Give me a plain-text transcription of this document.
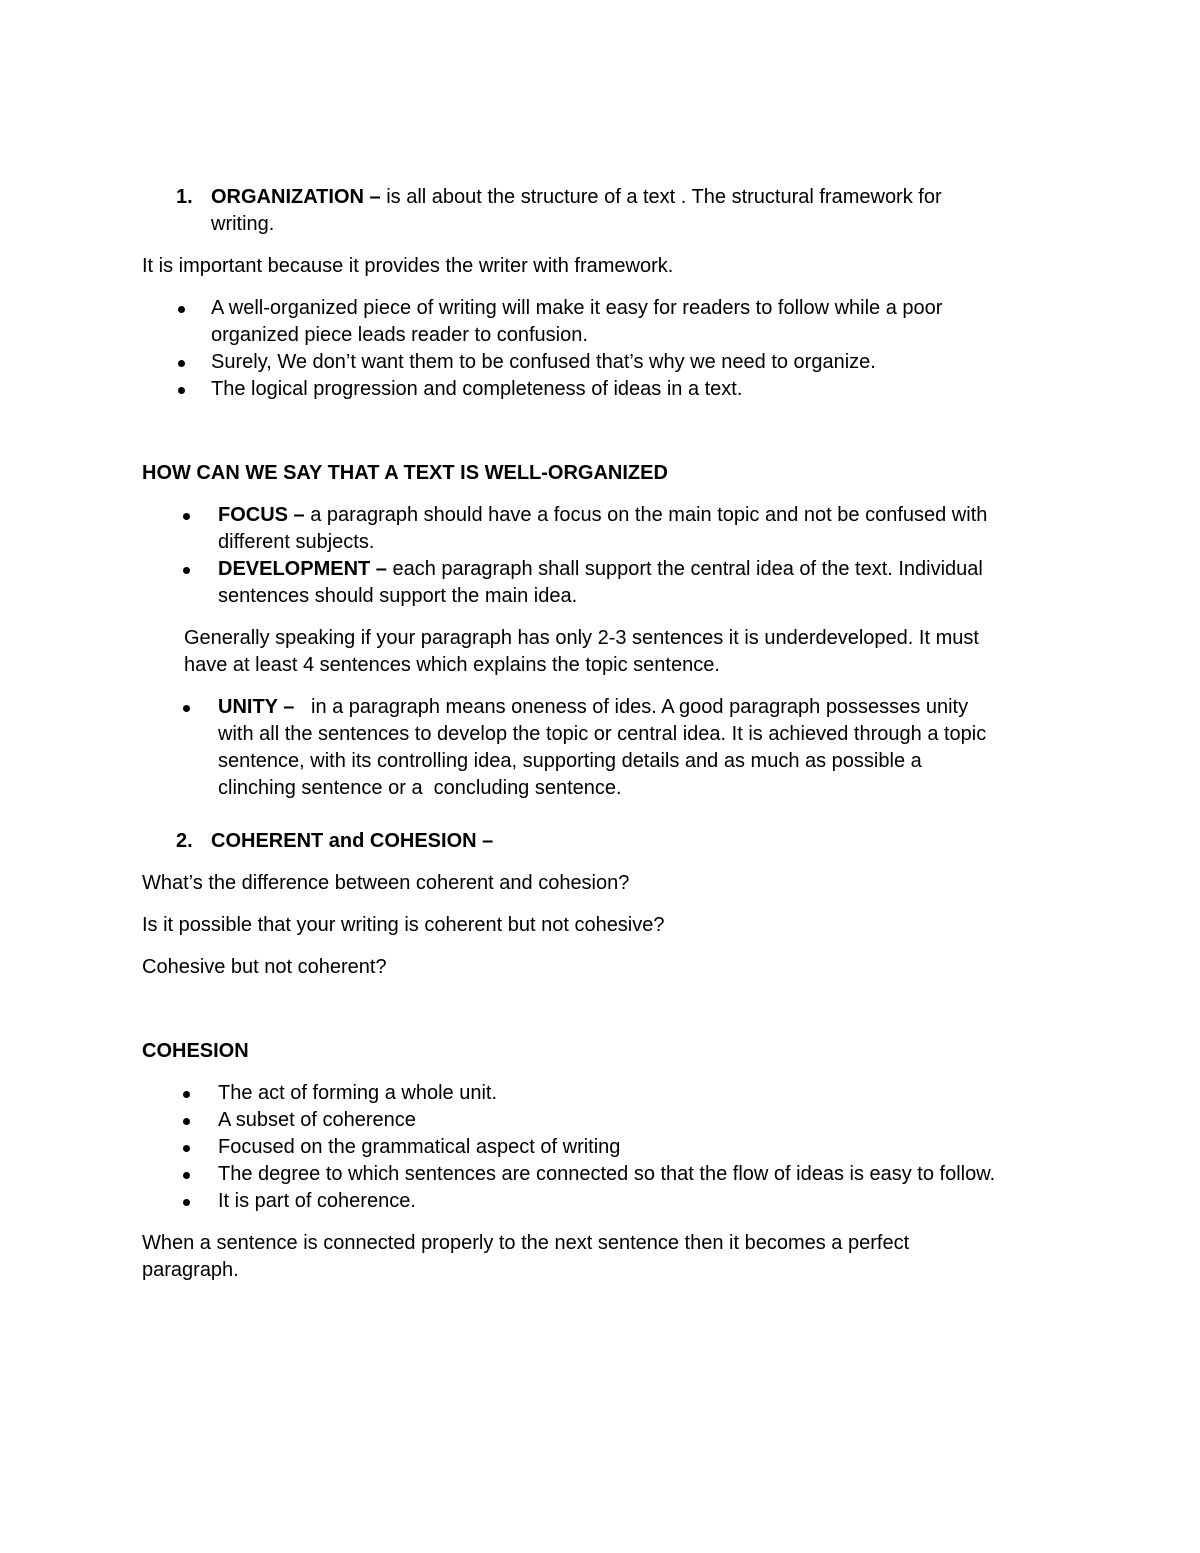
1. ORGANIZATION – is all about the structure of a text . The structural framework for
writing.

It is important because it provides the writer with framework.

A well-organized piece of writing will make it easy for readers to follow while a poor
organized piece leads reader to confusion.
Surely, We don’t want them to be confused that’s why we need to organize.
The logical progression and completeness of ideas in a text.
HOW CAN WE SAY THAT A TEXT IS WELL-ORGANIZED
FOCUS – a paragraph should have a focus on the main topic and not be confused with
different subjects.
DEVELOPMENT – each paragraph shall support the central idea of the text. Individual
sentences should support the main idea.
Generally speaking if your paragraph has only 2-3 sentences it is underdeveloped. It must
have at least 4 sentences which explains the topic sentence.
UNITY –   in a paragraph means oneness of ides. A good paragraph possesses unity
with all the sentences to develop the topic or central idea. It is achieved through a topic
sentence, with its controlling idea, supporting details and as much as possible a
clinching sentence or a  concluding sentence.
2. COHERENT and COHESION –

What’s the difference between coherent and cohesion?

Is it possible that your writing is coherent but not cohesive?

Cohesive but not coherent?

COHESION
The act of forming a whole unit.
A subset of coherence
Focused on the grammatical aspect of writing
The degree to which sentences are connected so that the flow of ideas is easy to follow.
It is part of coherence.
When a sentence is connected properly to the next sentence then it becomes a perfect
paragraph.
